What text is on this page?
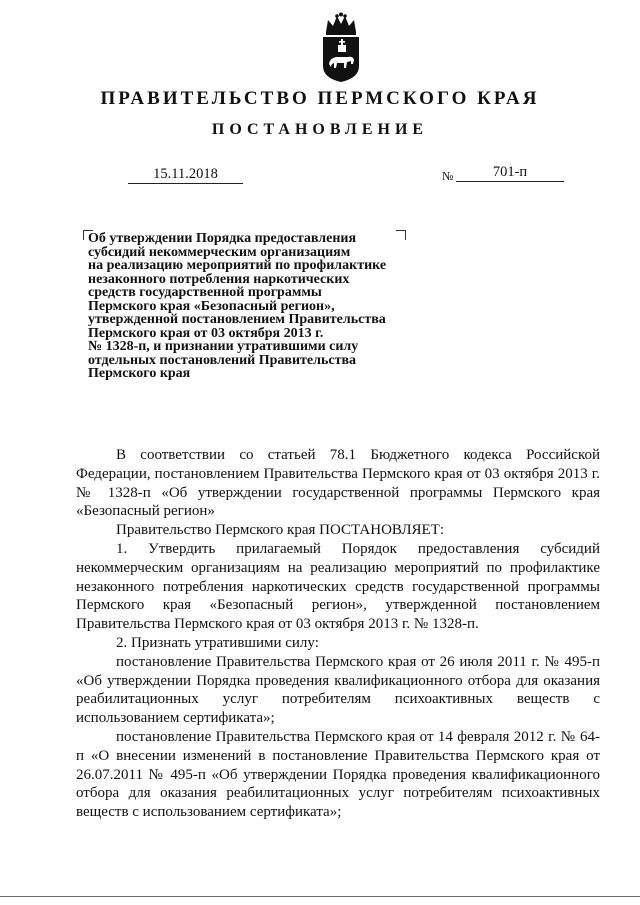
ПРАВИТЕЛЬСТВО ПЕРМСКОГО КРАЯ
ПОСТАНОВЛЕНИЕ
15.11.2018	№	701-п
Об утверждении Порядка предоставления
субсидий некоммерческим организациям
на реализацию мероприятий по профилактике
незаконного потребления наркотических
средств государственной программы
Пермского края «Безопасный регион»,
утвержденной постановлением Правительства
Пермского края от 03 октября 2013 г.
№ 1328-п, и признании утратившими силу
отдельных постановлений Правительства
Пермского края

В соответствии со статьей 78.1 Бюджетного кодекса Российской Федерации, постановлением Правительства Пермского края от 03 октября 2013 г. № 1328-п «Об утверждении государственной программы Пермского края «Безопасный регион»

Правительство Пермского края ПОСТАНОВЛЯЕТ:

1. Утвердить прилагаемый Порядок предоставления субсидий некоммерческим организациям на реализацию мероприятий по профилактике незаконного потребления наркотических средств государственной программы Пермского края «Безопасный регион», утвержденной постановлением Правительства Пермского края от 03 октября 2013 г. № 1328-п.

2. Признать утратившими силу:

постановление Правительства Пермского края от 26 июля 2011 г. № 495-п «Об утверждении Порядка проведения квалификационного отбора для оказания реабилитационных услуг потребителям психоактивных веществ с использованием сертификата»;

постановление Правительства Пермского края от 14 февраля 2012 г. № 64-п «О внесении изменений в постановление Правительства Пермского края от 26.07.2011 № 495-п «Об утверждении Порядка проведения квалификационного отбора для оказания реабилитационных услуг потребителям психоактивных веществ с использованием сертификата»;
